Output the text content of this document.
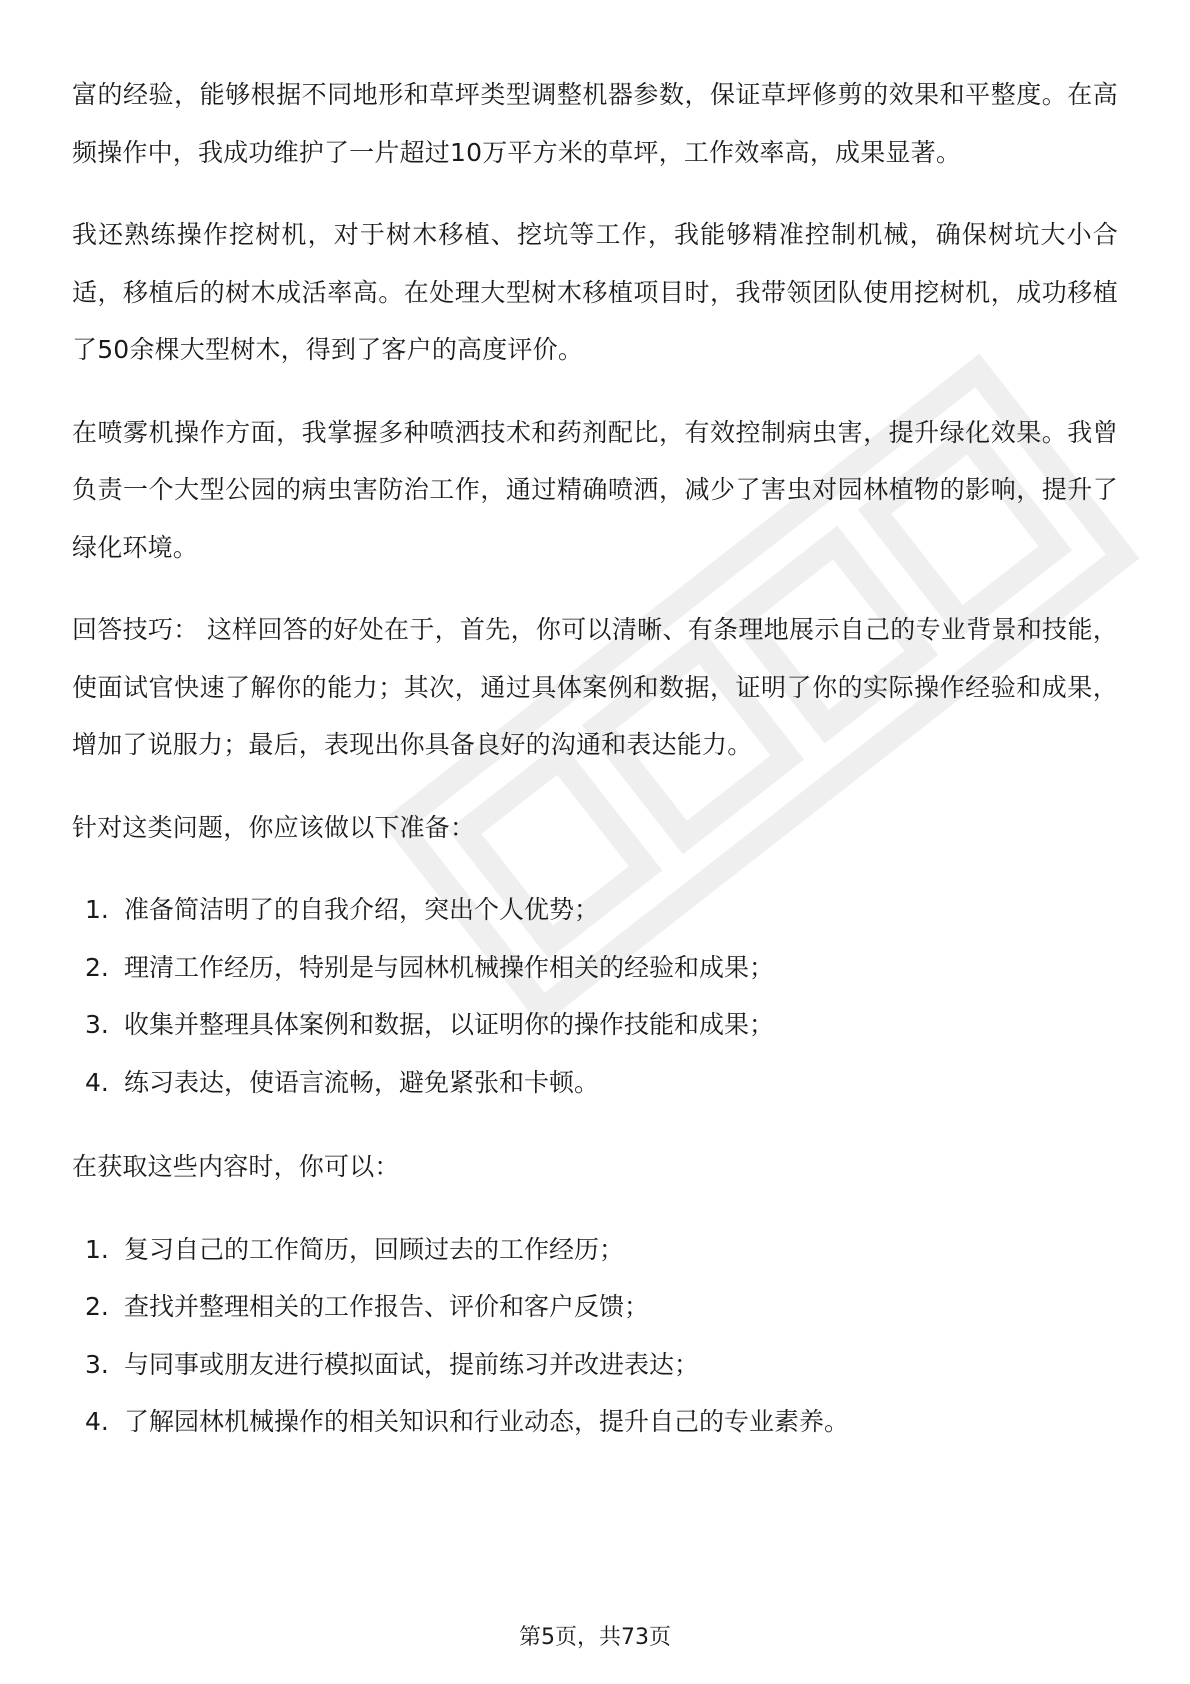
富的经验，能够根据不同地形和草坪类型调整机器参数，保证草坪修剪的效果和平整度。在高频操作中，我成功维护了一片超过10万平方米的草坪，工作效率高，成果显著。

我还熟练操作挖树机，对于树木移植、挖坑等工作，我能够精准控制机械，确保树坑大小合适，移植后的树木成活率高。在处理大型树木移植项目时，我带领团队使用挖树机，成功移植了50余棵大型树木，得到了客户的高度评价。

在喷雾机操作方面，我掌握多种喷洒技术和药剂配比，有效控制病虫害，提升绿化效果。我曾负责一个大型公园的病虫害防治工作，通过精确喷洒，减少了害虫对园林植物的影响，提升了绿化环境。

回答技巧： 这样回答的好处在于，首先，你可以清晰、有条理地展示自己的专业背景和技能，使面试官快速了解你的能力；其次，通过具体案例和数据，证明了你的实际操作经验和成果，增加了说服力；最后，表现出你具备良好的沟通和表达能力。

针对这类问题，你应该做以下准备：

1. 准备简洁明了的自我介绍，突出个人优势；
2. 理清工作经历，特别是与园林机械操作相关的经验和成果；
3. 收集并整理具体案例和数据，以证明你的操作技能和成果；
4. 练习表达，使语言流畅，避免紧张和卡顿。

在获取这些内容时，你可以：

1. 复习自己的工作简历，回顾过去的工作经历；
2. 查找并整理相关的工作报告、评价和客户反馈；
3. 与同事或朋友进行模拟面试，提前练习并改进表达；
4. 了解园林机械操作的相关知识和行业动态，提升自己的专业素养。
第5页，共73页
